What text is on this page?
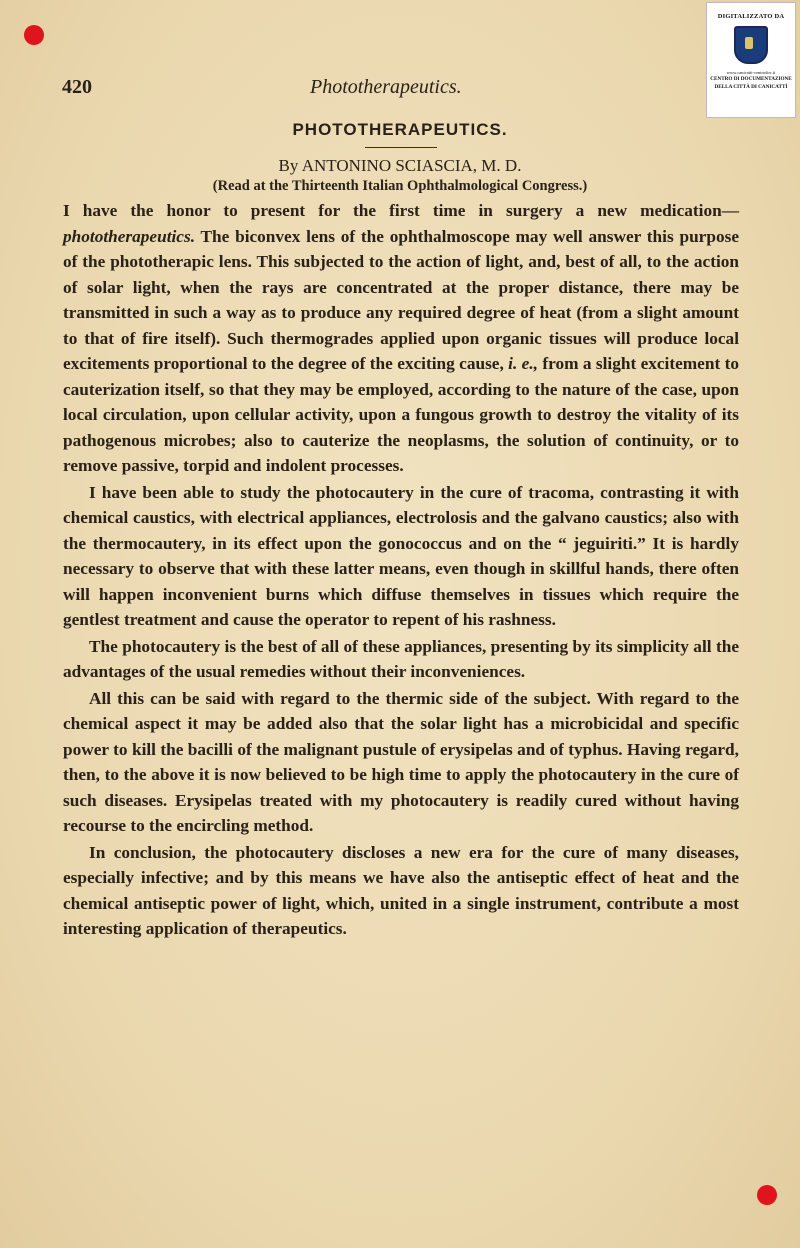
DIGITALIZZATO DA
www.canicatti-centrodoc.it
CENTRO DI DOCUMENTAZIONE
DELLA CITTÀ DI CANICATTÌ
420	Phototherapeutics.
PHOTOTHERAPEUTICS.
By ANTONINO SCIASCIA, M. D.
(Read at the Thirteenth Italian Ophthalmological Congress.)

I have the honor to present for the first time in surgery a new medication—phototherapeutics. The biconvex lens of the ophthalmoscope may well answer this purpose of the phototherapic lens. This subjected to the action of light, and, best of all, to the action of solar light, when the rays are concentrated at the proper distance, there may be transmitted in such a way as to produce any required degree of heat (from a slight amount to that of fire itself). Such thermogrades applied upon organic tissues will produce local excitements proportional to the degree of the exciting cause, i. e., from a slight excitement to cauterization itself, so that they may be employed, according to the nature of the case, upon local circulation, upon cellular activity, upon a fungous growth to destroy the vitality of its pathogenous microbes; also to cauterize the neoplasms, the solution of continuity, or to remove passive, torpid and indolent processes.

I have been able to study the photocautery in the cure of tracoma, contrasting it with chemical caustics, with electrical appliances, electrolosis and the galvano caustics; also with the thermocautery, in its effect upon the gonococcus and on the “ jeguiriti.” It is hardly necessary to observe that with these latter means, even though in skillful hands, there often will happen inconvenient burns which diffuse themselves in tissues which require the gentlest treatment and cause the operator to repent of his rashness.

The photocautery is the best of all of these appliances, presenting by its simplicity all the advantages of the usual remedies without their inconveniences.

All this can be said with regard to the thermic side of the subject. With regard to the chemical aspect it may be added also that the solar light has a microbicidal and specific power to kill the bacilli of the malignant pustule of erysipelas and of typhus. Having regard, then, to the above it is now believed to be high time to apply the photocautery in the cure of such diseases. Erysipelas treated with my photocautery is readily cured without having recourse to the encircling method.

In conclusion, the photocautery discloses a new era for the cure of many diseases, especially infective; and by this means we have also the antiseptic effect of heat and the chemical antiseptic power of light, which, united in a single instrument, contribute a most interesting application of therapeutics.
